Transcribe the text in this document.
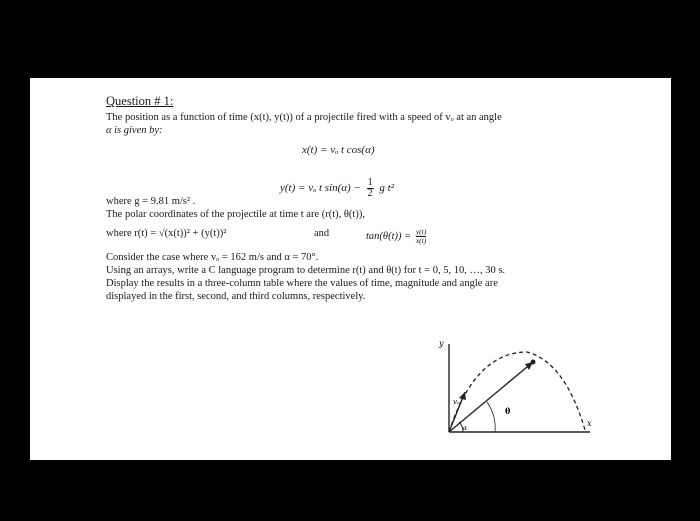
Question # 1:
The position as a function of time (x(t), y(t)) of a projectile fired with a speed of vₒ at an angle
α is given by:
x(t) = vₒ t cos(α)
y(t) = vₒ t $\sin(\alpha) - \frac{1}{2}$ g t²
where g = 9.81 m/s² .
The polar coordinates of the projectile at time t are (r(t), θ(t)),
where r(t) = √(x(t))² + (y(t))²	and	$\tan(\theta(t)) = \frac{y(t)}{x(t)}$
Consider the case where vₒ = 162 m/s and α = 70°.
Using an arrays, write a C language program to determine r(t) and θ(t) for t = 0, 5, 10, …, 30 s.
Display the results in a three-column table where the values of time, magnitude and angle are
displayed in the first, second, and third columns, respectively.
y
x
vₒ
θ
α
